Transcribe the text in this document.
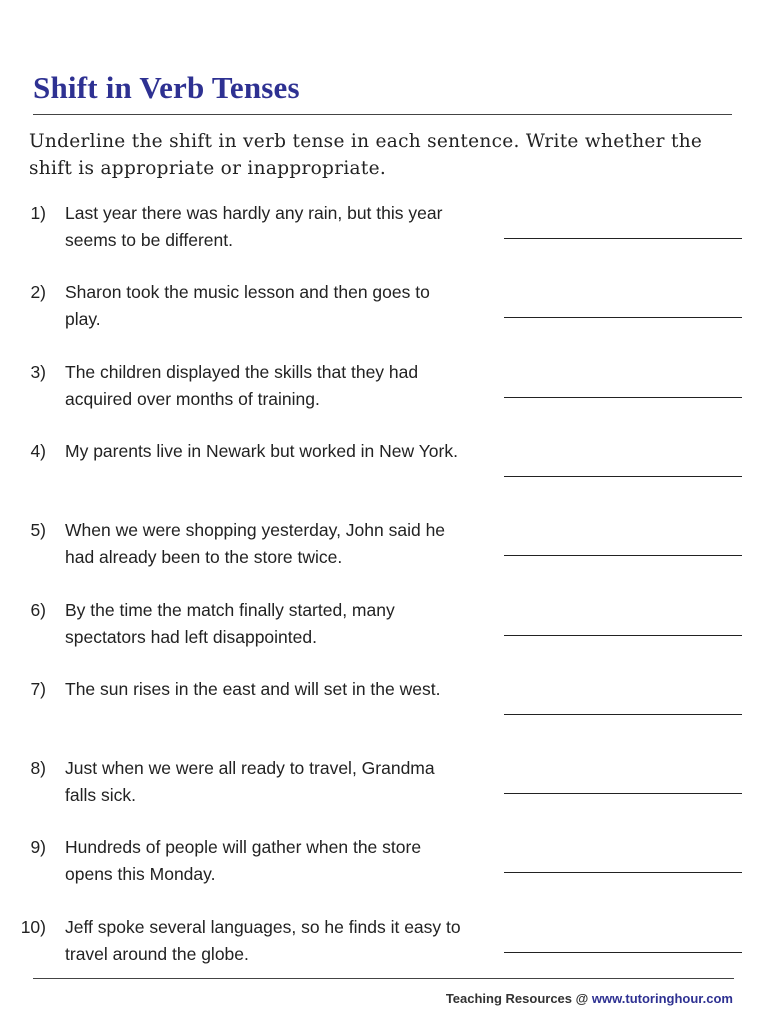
Shift in Verb Tenses
Underline the shift in verb tense in each sentence. Write whether the shift is appropriate or inappropriate.
1) Last year there was hardly any rain, but this year seems to be different.
2) Sharon took the music lesson and then goes to play.
3) The children displayed the skills that they had acquired over months of training.
4) My parents live in Newark but worked in New York.
5) When we were shopping yesterday, John said he had already been to the store twice.
6) By the time the match finally started, many spectators had left disappointed.
7) The sun rises in the east and will set in the west.
8) Just when we were all ready to travel, Grandma falls sick.
9) Hundreds of people will gather when the store opens this Monday.
10) Jeff spoke several languages, so he finds it easy to travel around the globe.
Teaching Resources @ www.tutoringhour.com
